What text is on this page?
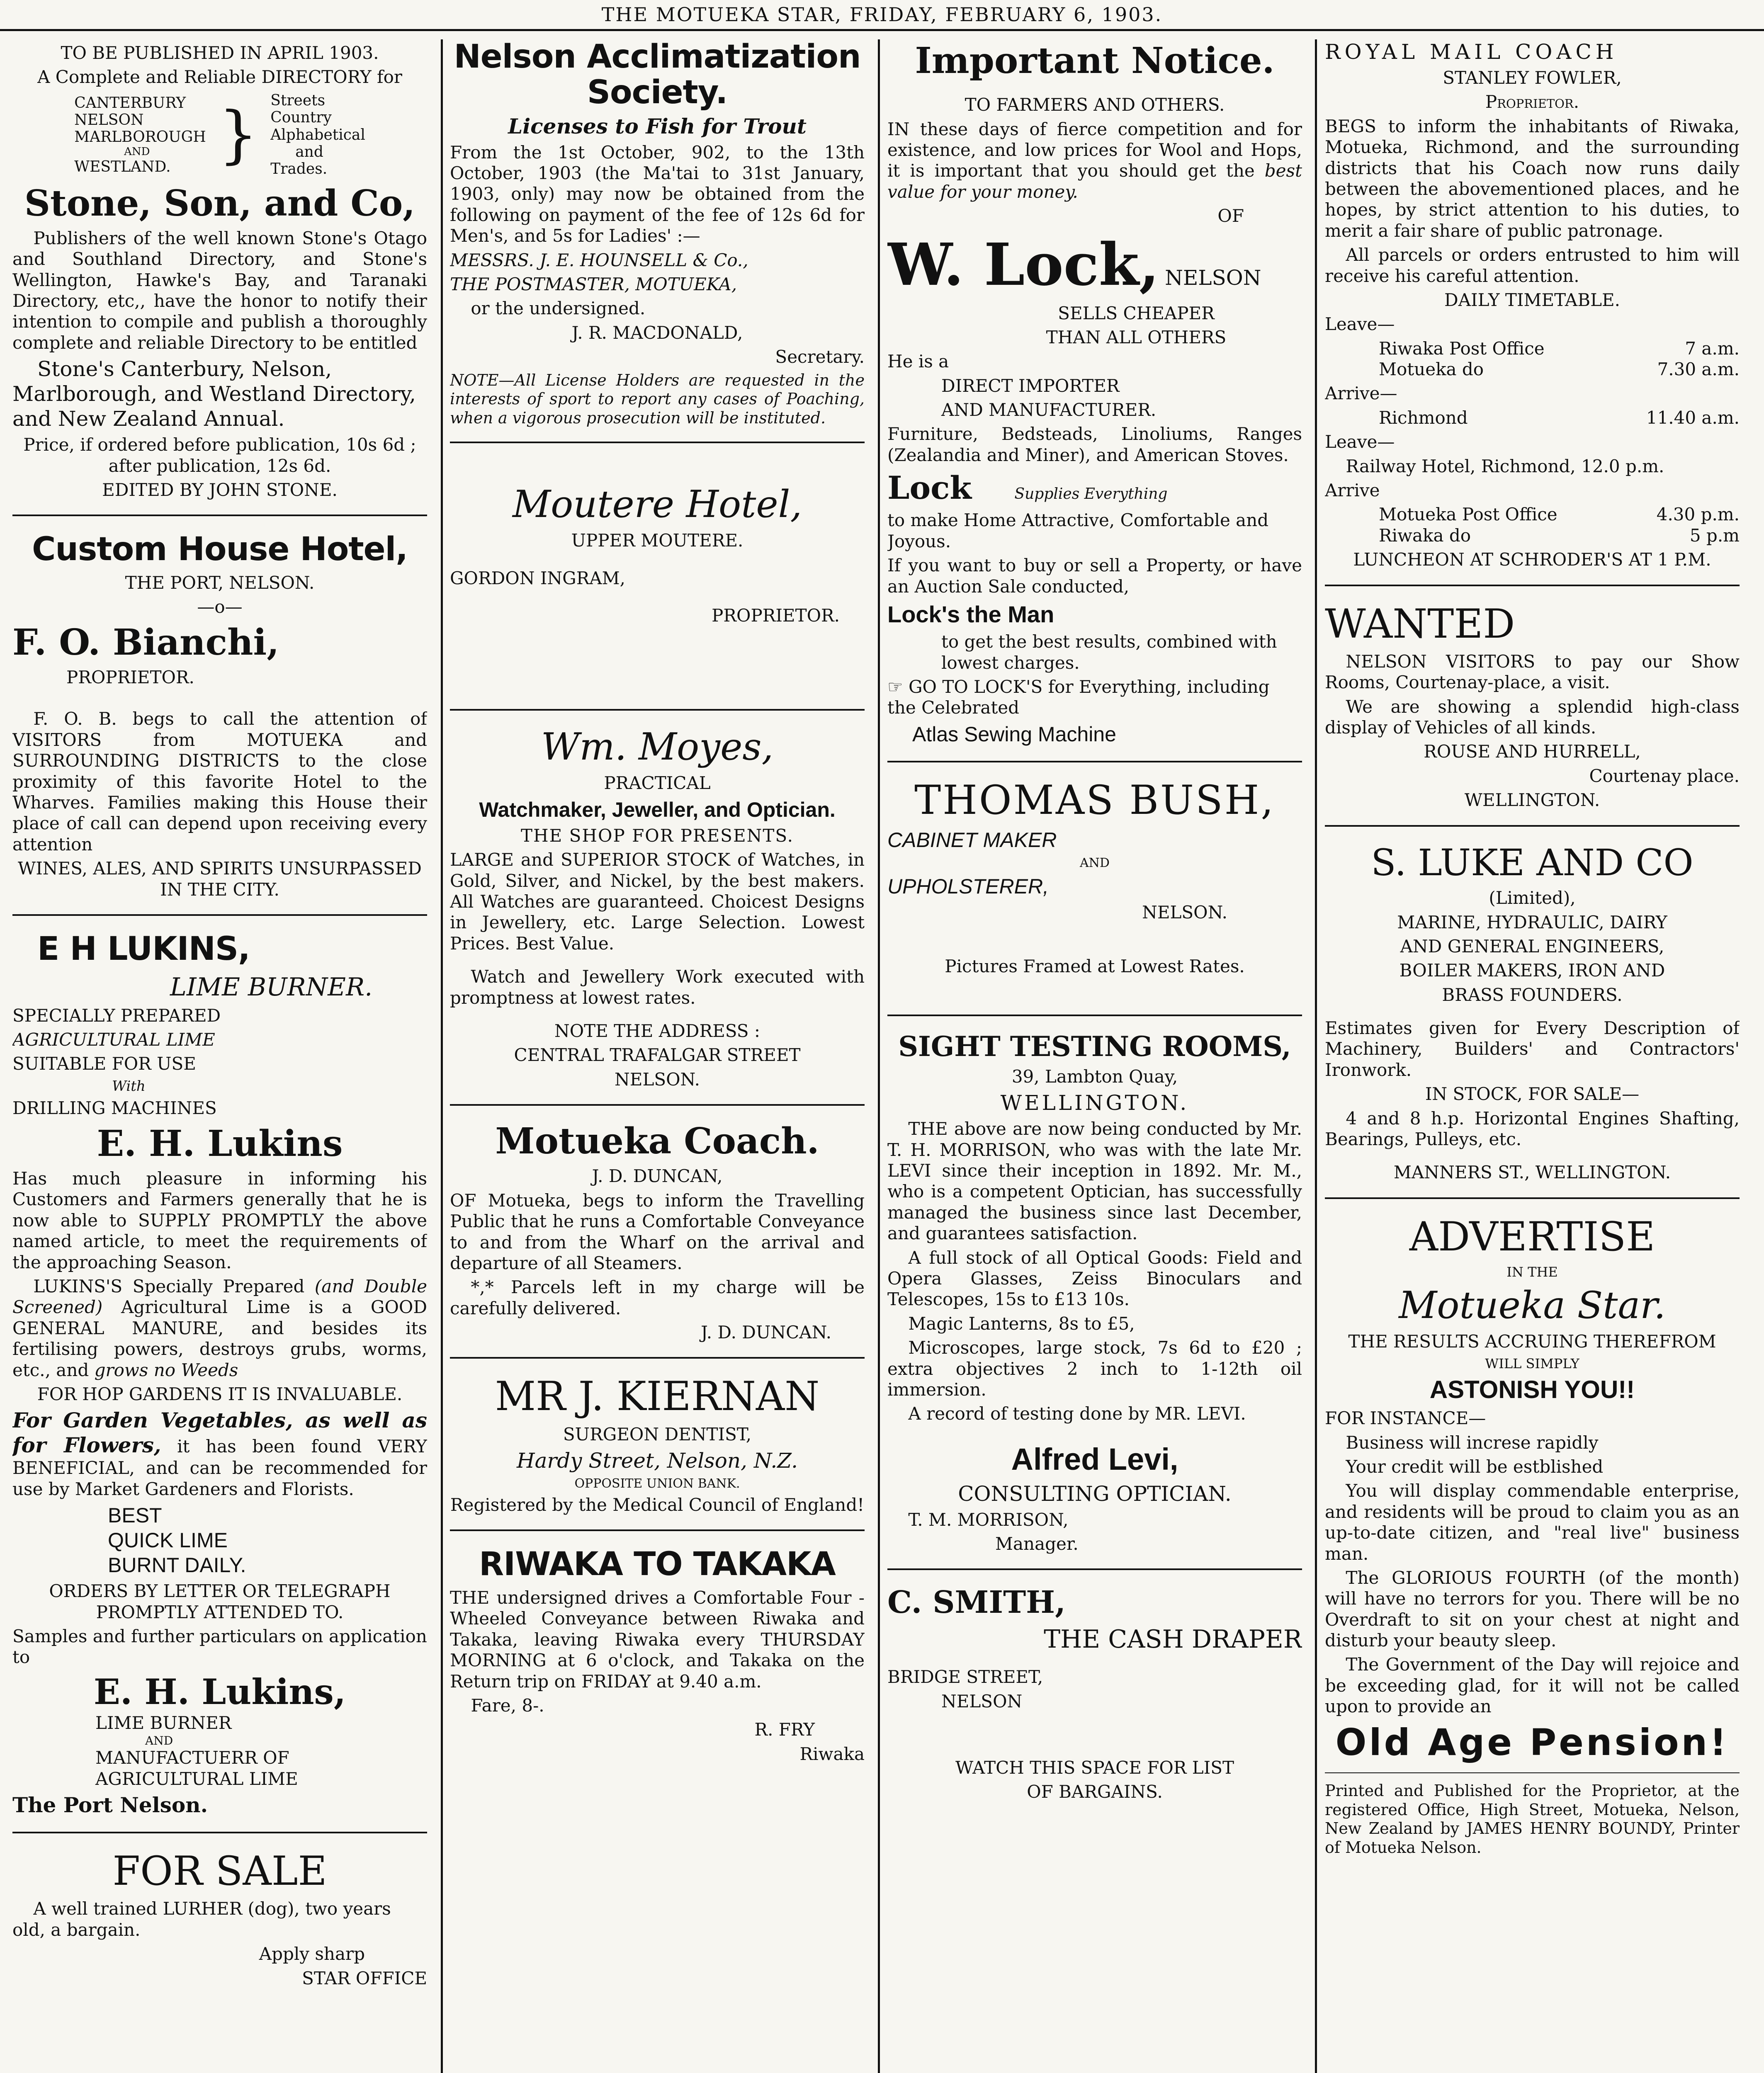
THE MOTUEKA STAR, FRIDAY, FEBRUARY 6, 1903.

TO BE PUBLISHED IN APRIL 1903.

A Complete and Reliable DIRECTORY for

CANTERBURY
NELSON
MARLBOROUGH
AND
WESTLAND. } Streets
Country
Alphabetical
and
Trades.
Stone, Son, and Co,

Publishers of the well known Stone's Otago and Southland Directory, and Stone's Wellington, Hawke's Bay, and Taranaki Directory, etc,, have the honor to notify their intention to compile and publish a thoroughly complete and reliable Directory to be entitled

Stone's Canterbury, Nelson, Marlborough, and Westland Directory, and New Zealand Annual.

Price, if ordered before publication, 10s 6d ; after publication, 12s 6d.

EDITED BY JOHN STONE.

Custom House Hotel,

THE PORT, NELSON.

—o—

F. O. Bianchi,

PROPRIETOR.

F. O. B. begs to call the attention of VISITORS from MOTUEKA and SURROUNDING DISTRICTS to the close proximity of this favorite Hotel to the Wharves. Families making this House their place of call can depend upon receiving every attention

WINES, ALES, AND SPIRITS UNSURPASSED IN THE CITY.

E H LUKINS,

LIME BURNER.

SPECIALLY PREPARED

AGRICULTURAL LIME

SUITABLE FOR USE

With

DRILLING MACHINES

E. H. Lukins

Has much pleasure in informing his Customers and Farmers generally that he is now able to SUPPLY PROMPTLY the above named article, to meet the requirements of the approaching Season.

LUKINS'S Specially Prepared (and Double Screened) Agricultural Lime is a GOOD GENERAL MANURE, and besides its fertilising powers, destroys grubs, worms, etc., and grows no Weeds

FOR HOP GARDENS IT IS INVALUABLE.

For Garden Vegetables, as well as for Flowers, it has been found VERY BENEFICIAL, and can be recommended for use by Market Gardeners and Florists.

BEST
QUICK LIME
BURNT DAILY.

ORDERS BY LETTER OR TELEGRAPH PROMPTLY ATTENDED TO.

Samples and further particulars on application to

E. H. Lukins,
LIME BURNER
AND
MANUFACTUERR OF
AGRICULTURAL LIME

The Port Nelson.

FOR SALE

A well trained LURHER (dog), two years old, a bargain.

Apply sharp

STAR OFFICE

Nelson Acclimatization Society.

Licenses to Fish for Trout

From the 1st October, 902, to the 13th October, 1903 (the Ma'tai to 31st January, 1903, only) may now be obtained from the following on payment of the fee of 12s 6d for Men's, and 5s for Ladies' :—

MESSRS. J. E. HOUNSELL & Co.,

THE POSTMASTER, MOTUEKA,

or the undersigned.

J. R. MACDONALD,

Secretary.

NOTE—All License Holders are requested in the interests of sport to report any cases of Poaching, when a vigorous prosecution will be instituted.

Moutere Hotel,

UPPER MOUTERE.

GORDON INGRAM,

PROPRIETOR.

Wm. Moyes,

PRACTICAL

Watchmaker, Jeweller, and Optician.

THE SHOP FOR PRESENTS.

LARGE and SUPERIOR STOCK of Watches, in Gold, Silver, and Nickel, by the best makers. All Watches are guaranteed. Choicest Designs in Jewellery, etc. Large Selection. Lowest Prices. Best Value.

Watch and Jewellery Work executed with promptness at lowest rates.

NOTE THE ADDRESS :

CENTRAL TRAFALGAR STREET

NELSON.

Motueka Coach.

J. D. DUNCAN,

OF Motueka, begs to inform the Travelling Public that he runs a Comfortable Conveyance to and from the Wharf on the arrival and departure of all Steamers.

*,* Parcels left in my charge will be carefully delivered.

J. D. DUNCAN.

MR J. KIERNAN

SURGEON DENTIST,

Hardy Street, Nelson, N.Z.

OPPOSITE UNION BANK.

Registered by the Medical Council of England!

RIWAKA TO TAKAKA

THE undersigned drives a Comfortable Four - Wheeled Conveyance between Riwaka and Takaka, leaving Riwaka every THURSDAY MORNING at 6 o'clock, and Takaka on the Return trip on FRIDAY at 9.40 a.m.

Fare, 8-.

R. FRY

Riwaka

Important Notice.

TO FARMERS AND OTHERS.

IN these days of fierce competition and for existence, and low prices for Wool and Hops, it is important that you should get the best value for your money.

OF

W. Lock, NELSON

SELLS CHEAPER

THAN ALL OTHERS

He is a

DIRECT IMPORTER

AND MANUFACTURER.

Furniture, Bedsteads, Linoliums, Ranges (Zealandia and Miner), and American Stoves.

Lock	Supplies Everything

to make Home Attractive, Comfortable and Joyous.

If you want to buy or sell a Property, or have an Auction Sale conducted,

Lock's the Man

to get the best results, combined with lowest charges.

☞ GO TO LOCK'S for Everything, including the Celebrated

Atlas Sewing Machine

THOMAS BUSH,

CABINET MAKER

AND

UPHOLSTERER,

NELSON.

Pictures Framed at Lowest Rates.

SIGHT TESTING ROOMS,

39, Lambton Quay,

WELLINGTON.

THE above are now being conducted by Mr. T. H. MORRISON, who was with the late Mr. LEVI since their inception in 1892. Mr. M., who is a competent Optician, has successfully managed the business since last December, and guarantees satisfaction.

A full stock of all Optical Goods: Field and Opera Glasses, Zeiss Binoculars and Telescopes, 15s to £13 10s.

Magic Lanterns, 8s to £5,

Microscopes, large stock, 7s 6d to £20 ; extra objectives 2 inch to 1-12th oil immersion.

A record of testing done by MR. LEVI.

Alfred Levi,

CONSULTING OPTICIAN.

T. M. MORRISON,

Manager.

C. SMITH,

THE CASH DRAPER

BRIDGE STREET,

NELSON

WATCH THIS SPACE FOR LIST

OF BARGAINS.

ROYAL MAIL COACH

STANLEY FOWLER,

Proprietor.

BEGS to inform the inhabitants of Riwaka, Motueka, Richmond, and the surrounding districts that his Coach now runs daily between the abovementioned places, and he hopes, by strict attention to his duties, to merit a fair share of public patronage.

All parcels or orders entrusted to him will receive his careful attention.

DAILY TIMETABLE.

Leave—

Riwaka Post Office	7 a.m.
Motueka do	7.30 a.m.

Arrive—

Richmond	11.40 a.m.

Leave—

Railway Hotel, Richmond, 12.0 p.m.

Arrive

Motueka Post Office	4.30 p.m.
Riwaka do	5 p.m

LUNCHEON AT SCHRODER'S AT 1 P.M.

WANTED

NELSON VISITORS to pay our Show Rooms, Courtenay-place, a visit.

We are showing a splendid high-class display of Vehicles of all kinds.

ROUSE AND HURRELL,

Courtenay place.

WELLINGTON.

S. LUKE AND CO

(Limited),

MARINE, HYDRAULIC, DAIRY

AND GENERAL ENGINEERS,

BOILER MAKERS, IRON AND

BRASS FOUNDERS.

Estimates given for Every Description of Machinery, Builders' and Contractors' Ironwork.

IN STOCK, FOR SALE—

4 and 8 h.p. Horizontal Engines Shafting, Bearings, Pulleys, etc.

MANNERS ST., WELLINGTON.

ADVERTISE

IN THE

Motueka Star.

THE RESULTS ACCRUING THEREFROM

WILL SIMPLY

ASTONISH YOU!!

FOR INSTANCE—

Business will increse rapidly

Your credit will be estblished

You will display commendable enterprise, and residents will be proud to claim you as an up-to-date citizen, and "real live" business man.

The GLORIOUS FOURTH (of the month) will have no terrors for you. There will be no Overdraft to sit on your chest at night and disturb your beauty sleep.

The Government of the Day will rejoice and be exceeding glad, for it will not be called upon to provide an

Old Age Pension!

Printed and Published for the Proprietor, at the registered Office, High Street, Motueka, Nelson, New Zealand by JAMES HENRY BOUNDY, Printer of Motueka Nelson.
